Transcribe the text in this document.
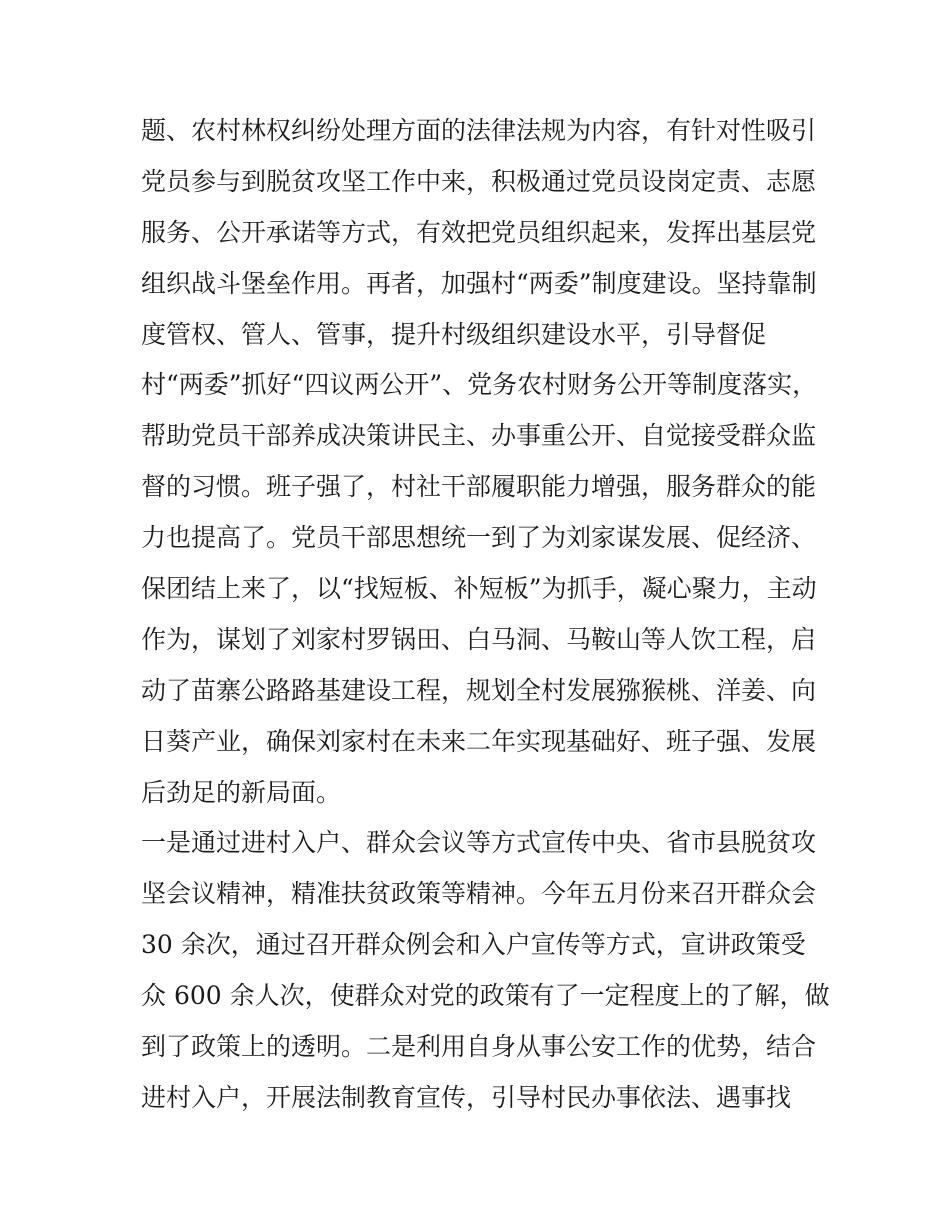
题、农村林权纠纷处理方面的法律法规为内容，有针对性吸引
党员参与到脱贫攻坚工作中来，积极通过党员设岗定责、志愿
服务、公开承诺等方式，有效把党员组织起来，发挥出基层党
组织战斗堡垒作用。再者，加强村“两委”制度建设。坚持靠制
度管权、管人、管事，提升村级组织建设水平，引导督促
村“两委”抓好“四议两公开”、党务农村财务公开等制度落实，
帮助党员干部养成决策讲民主、办事重公开、自觉接受群众监
督的习惯。班子强了，村社干部履职能力增强，服务群众的能
力也提高了。党员干部思想统一到了为刘家谋发展、促经济、
保团结上来了，以“找短板、补短板”为抓手，凝心聚力，主动
作为，谋划了刘家村罗锅田、白马洞、马鞍山等人饮工程，启
动了苗寨公路路基建设工程，规划全村发展猕猴桃、洋姜、向
日葵产业，确保刘家村在未来二年实现基础好、班子强、发展
后劲足的新局面。
一是通过进村入户、群众会议等方式宣传中央、省市县脱贫攻
坚会议精神，精准扶贫政策等精神。今年五月份来召开群众会
30 余次，通过召开群众例会和入户宣传等方式，宣讲政策受
众 600 余人次，使群众对党的政策有了一定程度上的了解，做
到了政策上的透明。二是利用自身从事公安工作的优势，结合
进村入户，开展法制教育宣传，引导村民办事依法、遇事找
